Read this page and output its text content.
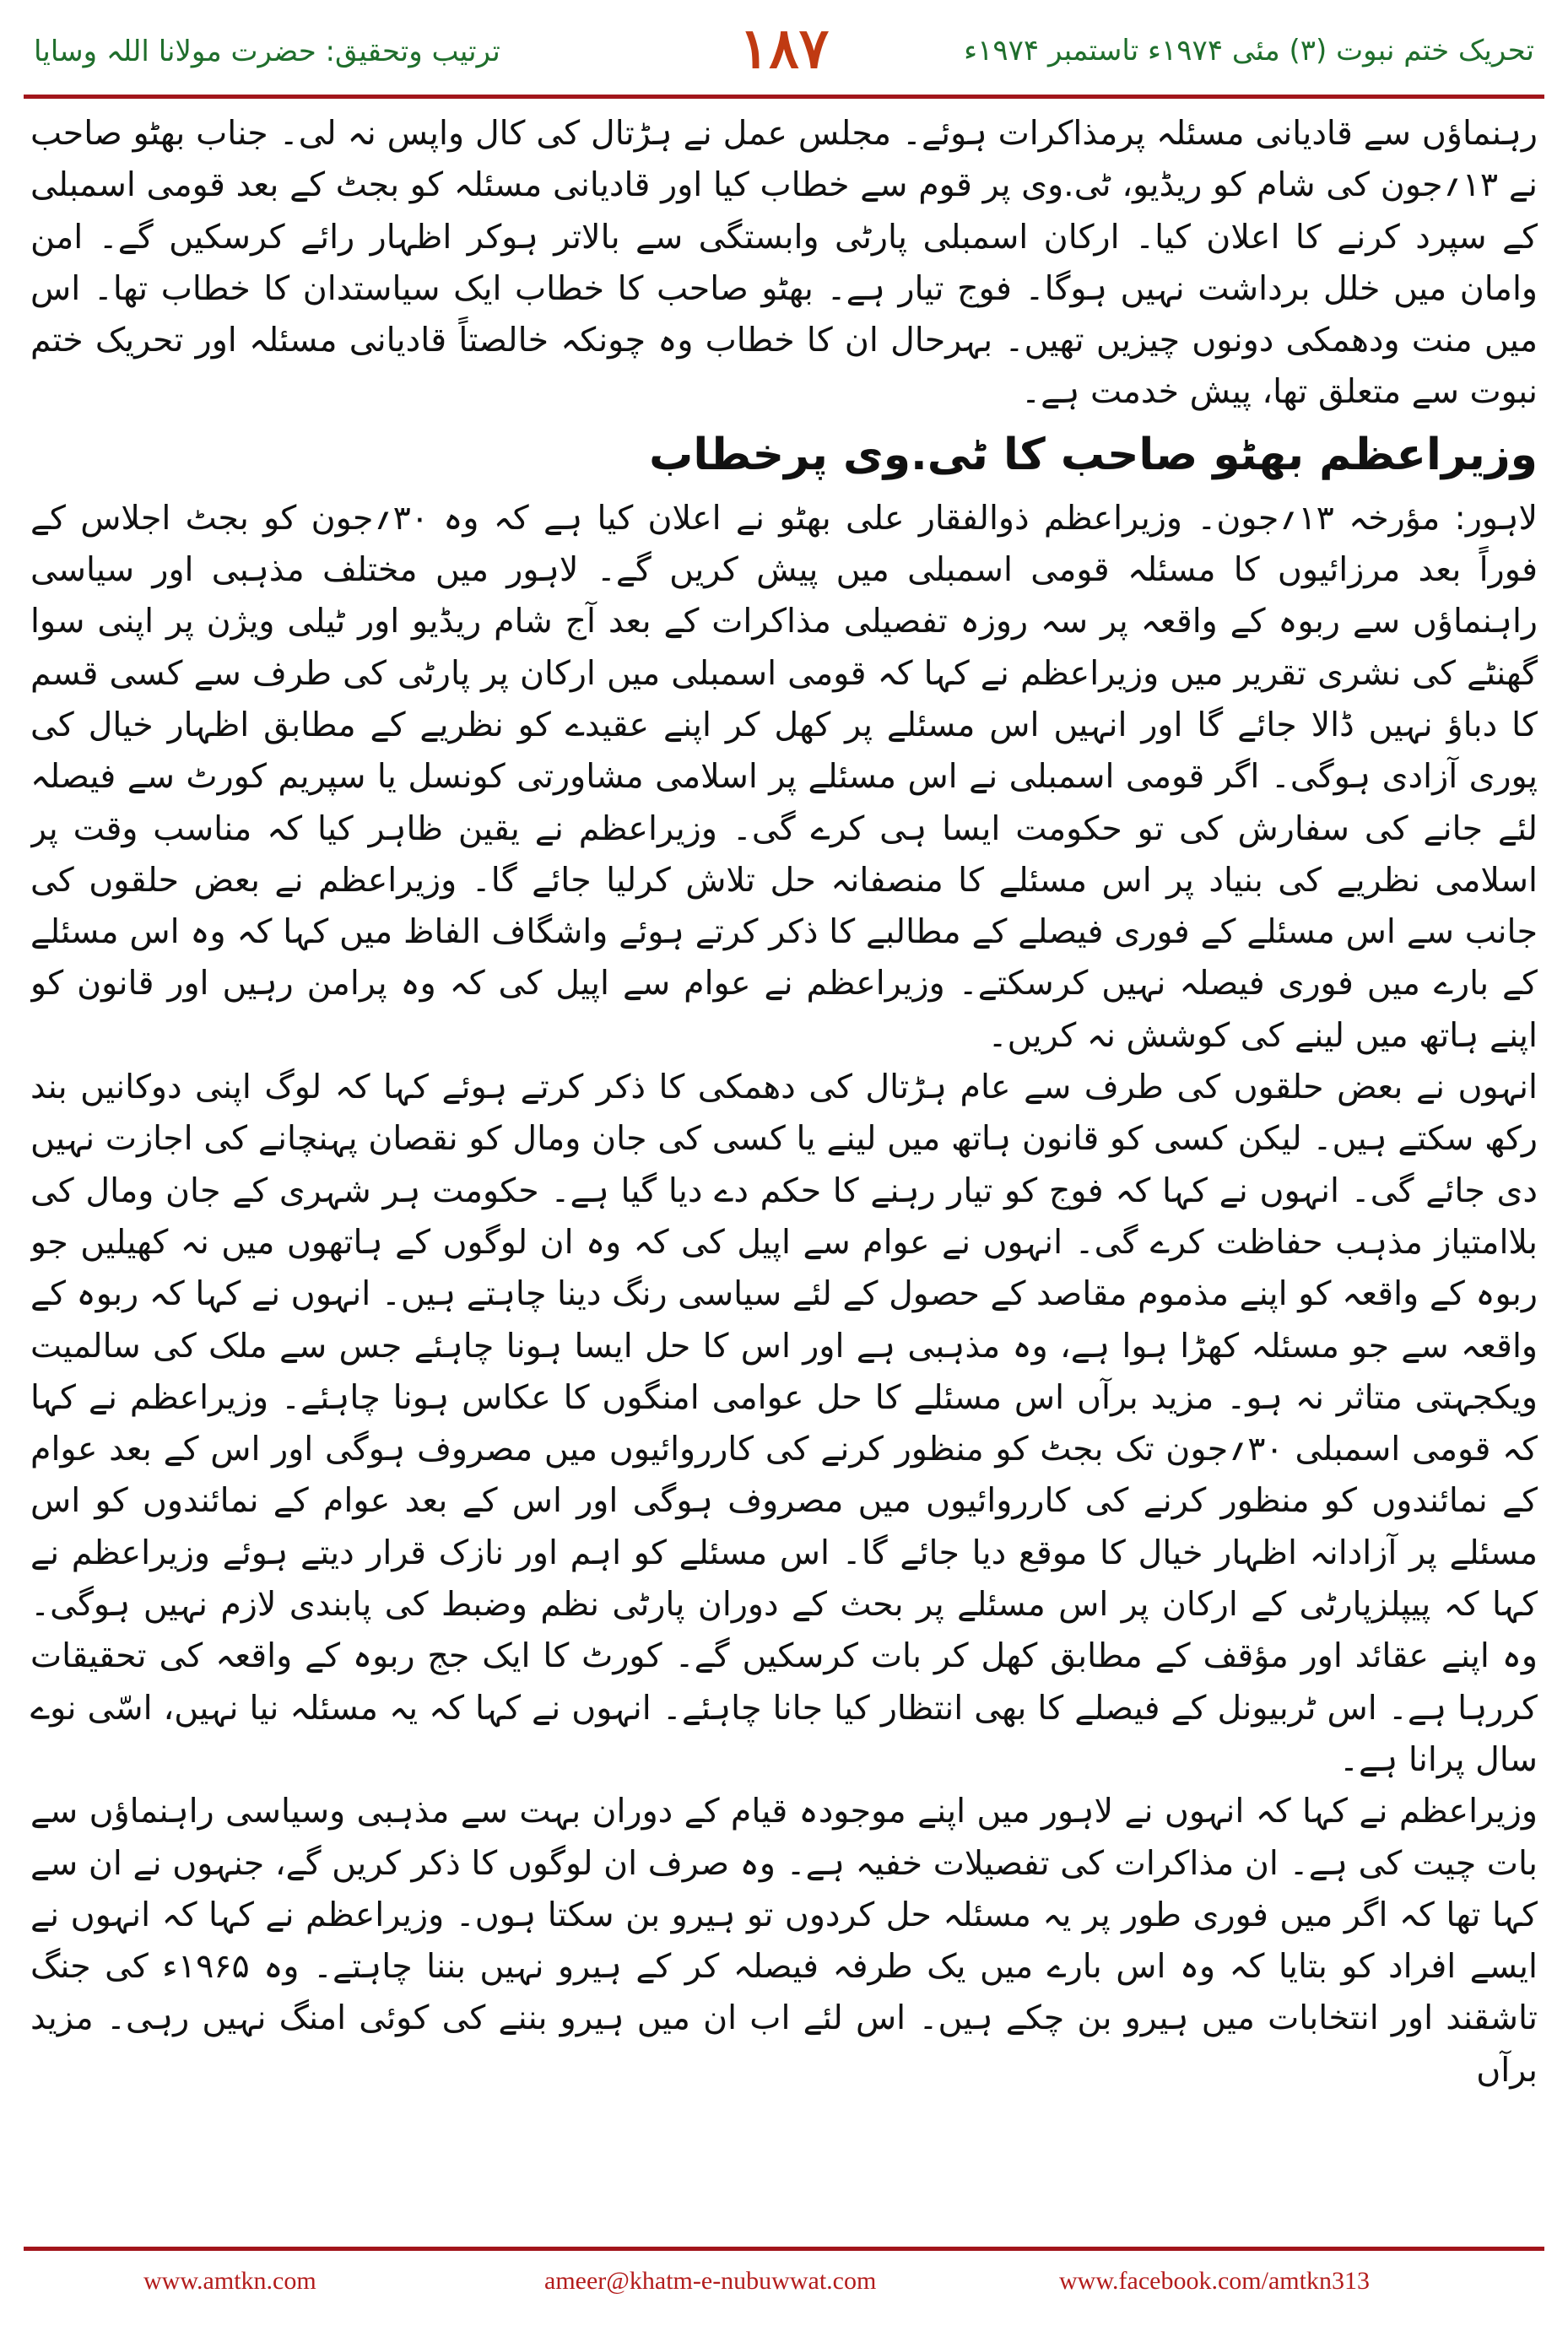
ترتیب وتحقیق: حضرت مولانا اللہ وسایا	۱۸۷	تحریک ختم نبوت (۳) مئی ۱۹۷۴ء تاستمبر ۱۹۷۴ء

رہنماؤں سے قادیانی مسئلہ پرمذاکرات ہوئے۔ مجلس عمل نے ہڑتال کی کال واپس نہ لی۔ جناب بھٹو صاحب نے ۱۳؍جون کی شام کو ریڈیو، ٹی.وی پر قوم سے خطاب کیا اور قادیانی مسئلہ کو بجٹ کے بعد قومی اسمبلی کے سپرد کرنے کا اعلان کیا۔ ارکان اسمبلی پارٹی وابستگی سے بالاتر ہوکر اظہار رائے کرسکیں گے۔ امن وامان میں خلل برداشت نہیں ہوگا۔ فوج تیار ہے۔ بھٹو صاحب کا خطاب ایک سیاستدان کا خطاب تھا۔ اس میں منت ودھمکی دونوں چیزیں تھیں۔ بہرحال ان کا خطاب وہ چونکہ خالصتاً قادیانی مسئلہ اور تحریک ختم نبوت سے متعلق تھا، پیش خدمت ہے۔

وزیراعظم بھٹو صاحب کا ٹی.وی پرخطاب

لاہور: مؤرخہ ۱۳؍جون۔ وزیراعظم ذوالفقار علی بھٹو نے اعلان کیا ہے کہ وہ ۳۰؍جون کو بجٹ اجلاس کے فوراً بعد مرزائیوں کا مسئلہ قومی اسمبلی میں پیش کریں گے۔ لاہور میں مختلف مذہبی اور سیاسی راہنماؤں سے ربوہ کے واقعہ پر سہ روزہ تفصیلی مذاکرات کے بعد آج شام ریڈیو اور ٹیلی ویژن پر اپنی سوا گھنٹے کی نشری تقریر میں وزیراعظم نے کہا کہ قومی اسمبلی میں ارکان پر پارٹی کی طرف سے کسی قسم کا دباؤ نہیں ڈالا جائے گا اور انہیں اس مسئلے پر کھل کر اپنے عقیدے کو نظریے کے مطابق اظہار خیال کی پوری آزادی ہوگی۔ اگر قومی اسمبلی نے اس مسئلے پر اسلامی مشاورتی کونسل یا سپریم کورٹ سے فیصلہ لئے جانے کی سفارش کی تو حکومت ایسا ہی کرے گی۔ وزیراعظم نے یقین ظاہر کیا کہ مناسب وقت پر اسلامی نظریے کی بنیاد پر اس مسئلے کا منصفانہ حل تلاش کرلیا جائے گا۔ وزیراعظم نے بعض حلقوں کی جانب سے اس مسئلے کے فوری فیصلے کے مطالبے کا ذکر کرتے ہوئے واشگاف الفاظ میں کہا کہ وہ اس مسئلے کے بارے میں فوری فیصلہ نہیں کرسکتے۔ وزیراعظم نے عوام سے اپیل کی کہ وہ پرامن رہیں اور قانون کو اپنے ہاتھ میں لینے کی کوشش نہ کریں۔

انہوں نے بعض حلقوں کی طرف سے عام ہڑتال کی دھمکی کا ذکر کرتے ہوئے کہا کہ لوگ اپنی دوکانیں بند رکھ سکتے ہیں۔ لیکن کسی کو قانون ہاتھ میں لینے یا کسی کی جان ومال کو نقصان پہنچانے کی اجازت نہیں دی جائے گی۔ انہوں نے کہا کہ فوج کو تیار رہنے کا حکم دے دیا گیا ہے۔ حکومت ہر شہری کے جان ومال کی بلاامتیاز مذہب حفاظت کرے گی۔ انہوں نے عوام سے اپیل کی کہ وہ ان لوگوں کے ہاتھوں میں نہ کھیلیں جو ربوہ کے واقعہ کو اپنے مذموم مقاصد کے حصول کے لئے سیاسی رنگ دینا چاہتے ہیں۔ انہوں نے کہا کہ ربوہ کے واقعہ سے جو مسئلہ کھڑا ہوا ہے، وہ مذہبی ہے اور اس کا حل ایسا ہونا چاہئے جس سے ملک کی سالمیت ویکجہتی متاثر نہ ہو۔ مزید برآں اس مسئلے کا حل عوامی امنگوں کا عکاس ہونا چاہئے۔ وزیراعظم نے کہا کہ قومی اسمبلی ۳۰؍جون تک بجٹ کو منظور کرنے کی کارروائیوں میں مصروف ہوگی اور اس کے بعد عوام کے نمائندوں کو منظور کرنے کی کارروائیوں میں مصروف ہوگی اور اس کے بعد عوام کے نمائندوں کو اس مسئلے پر آزادانہ اظہار خیال کا موقع دیا جائے گا۔ اس مسئلے کو اہم اور نازک قرار دیتے ہوئے وزیراعظم نے کہا کہ پیپلزپارٹی کے ارکان پر اس مسئلے پر بحث کے دوران پارٹی نظم وضبط کی پابندی لازم نہیں ہوگی۔ وہ اپنے عقائد اور مؤقف کے مطابق کھل کر بات کرسکیں گے۔ کورٹ کا ایک جج ربوہ کے واقعہ کی تحقیقات کررہا ہے۔ اس ٹربیونل کے فیصلے کا بھی انتظار کیا جانا چاہئے۔ انہوں نے کہا کہ یہ مسئلہ نیا نہیں، اسّی نوے سال پرانا ہے۔

وزیراعظم نے کہا کہ انہوں نے لاہور میں اپنے موجودہ قیام کے دوران بہت سے مذہبی وسیاسی راہنماؤں سے بات چیت کی ہے۔ ان مذاکرات کی تفصیلات خفیہ ہے۔ وہ صرف ان لوگوں کا ذکر کریں گے، جنہوں نے ان سے کہا تھا کہ اگر میں فوری طور پر یہ مسئلہ حل کردوں تو ہیرو بن سکتا ہوں۔ وزیراعظم نے کہا کہ انہوں نے ایسے افراد کو بتایا کہ وہ اس بارے میں یک طرفہ فیصلہ کر کے ہیرو نہیں بننا چاہتے۔ وہ ۱۹۶۵ء کی جنگ تاشقند اور انتخابات میں ہیرو بن چکے ہیں۔ اس لئے اب ان میں ہیرو بننے کی کوئی امنگ نہیں رہی۔ مزید برآں

www.amtkn.com	ameer@khatm-e-nubuwwat.com	www.facebook.com/amtkn313
